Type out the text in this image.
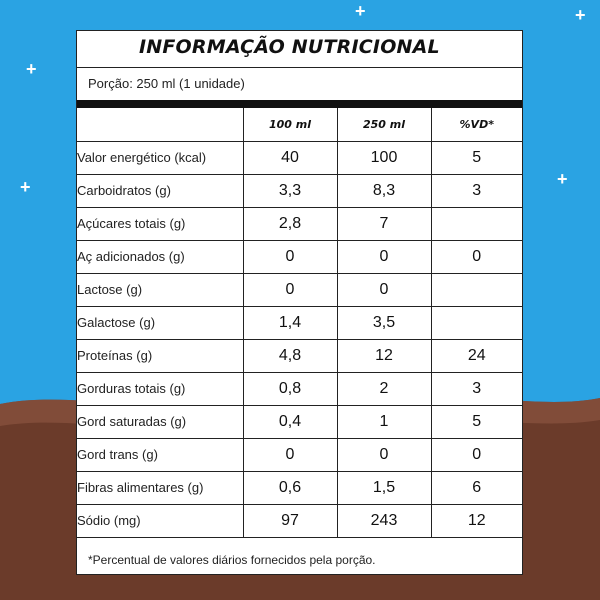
+	+
+
+	+
INFORMAÇÃO NUTRICIONAL
Porção: 250 ml (1 unidade)
	100 ml	250 ml	%VD*
Valor energético (kcal)	40	100	5
Carboidratos (g)	3,3	8,3	3
Açúcares totais (g)	2,8	7	
Aç adicionados (g)	0	0	0
Lactose (g)	0	0	
Galactose (g)	1,4	3,5	
Proteínas (g)	4,8	12	24
Gorduras totais (g)	0,8	2	3
Gord saturadas (g)	0,4	1	5
Gord trans (g)	0	0	0
Fibras alimentares (g)	0,6	1,5	6
Sódio (mg)	97	243	12
*Percentual de valores diários fornecidos pela porção.
